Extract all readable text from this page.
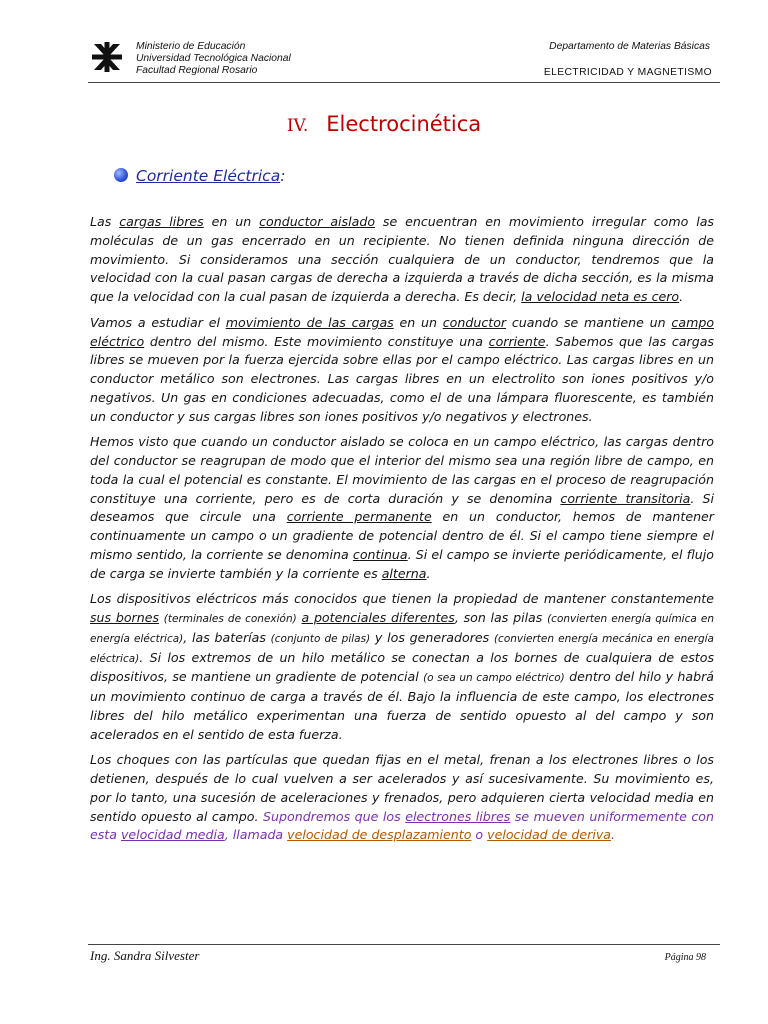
Ministerio de Educación
Universidad Tecnológica Nacional
Facultad Regional Rosario
Departamento de Materias Básicas
ELECTRICIDAD Y MAGNETISMO
IV. Electrocinética
Corriente Eléctrica:

Las cargas libres en un conductor aislado se encuentran en movimiento irregular como las moléculas de un gas encerrado en un recipiente. No tienen definida ninguna dirección de movimiento. Si consideramos una sección cualquiera de un conductor, tendremos que la velocidad con la cual pasan cargas de derecha a izquierda a través de dicha sección, es la misma que la velocidad con la cual pasan de izquierda a derecha. Es decir, la velocidad neta es cero.

Vamos a estudiar el movimiento de las cargas en un conductor cuando se mantiene un campo eléctrico dentro del mismo. Este movimiento constituye una corriente. Sabemos que las cargas libres se mueven por la fuerza ejercida sobre ellas por el campo eléctrico. Las cargas libres en un conductor metálico son electrones. Las cargas libres en un electrolito son iones positivos y/o negativos. Un gas en condiciones adecuadas, como el de una lámpara fluorescente, es también un conductor y sus cargas libres son iones positivos y/o negativos y electrones.

Hemos visto que cuando un conductor aislado se coloca en un campo eléctrico, las cargas dentro del conductor se reagrupan de modo que el interior del mismo sea una región libre de campo, en toda la cual el potencial es constante. El movimiento de las cargas en el proceso de reagrupación constituye una corriente, pero es de corta duración y se denomina corriente transitoria. Si deseamos que circule una corriente permanente en un conductor, hemos de mantener continuamente un campo o un gradiente de potencial dentro de él. Si el campo tiene siempre el mismo sentido, la corriente se denomina continua. Si el campo se invierte periódicamente, el flujo de carga se invierte también y la corriente es alterna.

Los dispositivos eléctricos más conocidos que tienen la propiedad de mantener constantemente sus bornes (terminales de conexión) a potenciales diferentes, son las pilas (convierten energía química en energía eléctrica), las baterías (conjunto de pilas) y los generadores (convierten energía mecánica en energía eléctrica). Si los extremos de un hilo metálico se conectan a los bornes de cualquiera de estos dispositivos, se mantiene un gradiente de potencial (o sea un campo eléctrico) dentro del hilo y habrá un movimiento continuo de carga a través de él. Bajo la influencia de este campo, los electrones libres del hilo metálico experimentan una fuerza de sentido opuesto al del campo y son acelerados en el sentido de esta fuerza.

Los choques con las partículas que quedan fijas en el metal, frenan a los electrones libres o los detienen, después de lo cual vuelven a ser acelerados y así sucesivamente. Su movimiento es, por lo tanto, una sucesión de aceleraciones y frenados, pero adquieren cierta velocidad media en sentido opuesto al campo. Supondremos que los electrones libres se mueven uniformemente con esta velocidad media, llamada velocidad de desplazamiento o velocidad de deriva.

Ing. Sandra Silvester	Página 98
